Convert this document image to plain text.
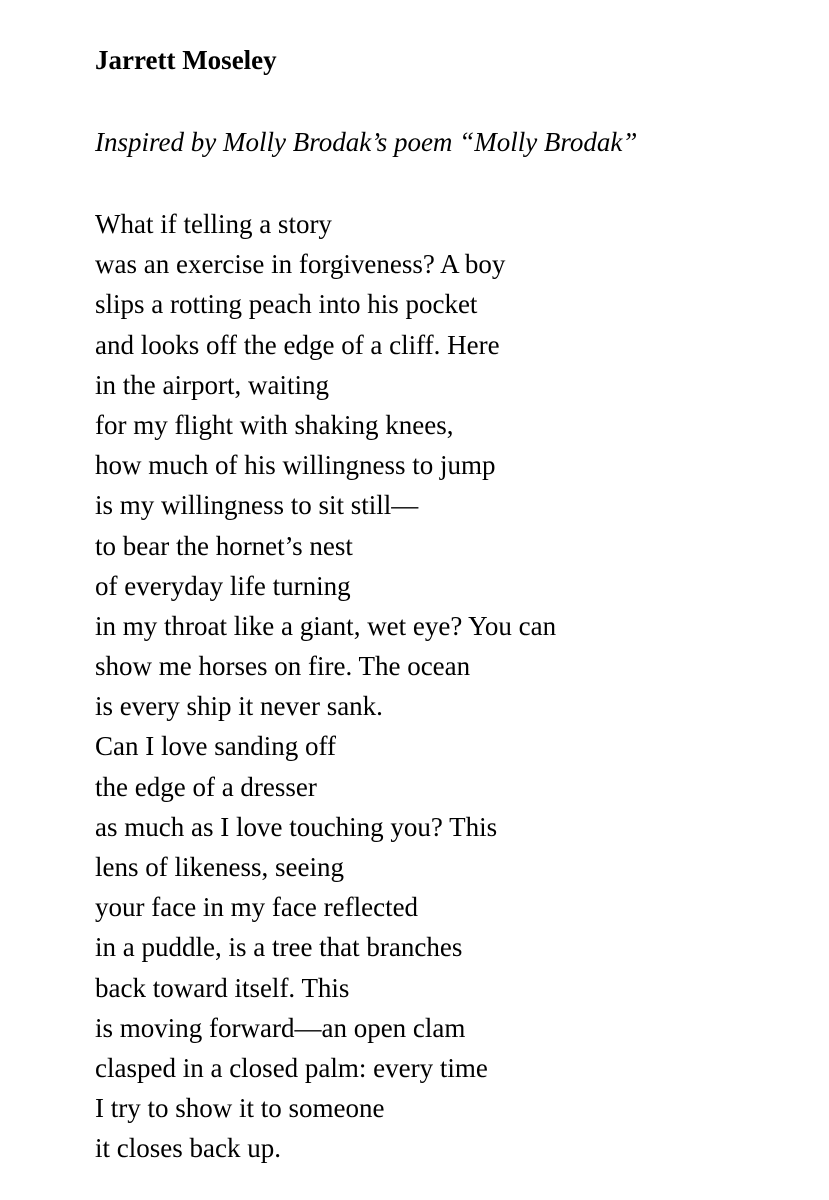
Jarrett Moseley

Inspired by Molly Brodak’s poem “Molly Brodak”

What if telling a story
was an exercise in forgiveness? A boy
slips a rotting peach into his pocket
and looks off the edge of a cliff. Here
in the airport, waiting
for my flight with shaking knees,
how much of his willingness to jump
is my willingness to sit still—
to bear the hornet’s nest
of everyday life turning
in my throat like a giant, wet eye? You can
show me horses on fire. The ocean
is every ship it never sank.
Can I love sanding off
the edge of a dresser
as much as I love touching you? This
lens of likeness, seeing
your face in my face reflected
in a puddle, is a tree that branches
back toward itself. This
is moving forward—an open clam
clasped in a closed palm: every time
I try to show it to someone
it closes back up.
